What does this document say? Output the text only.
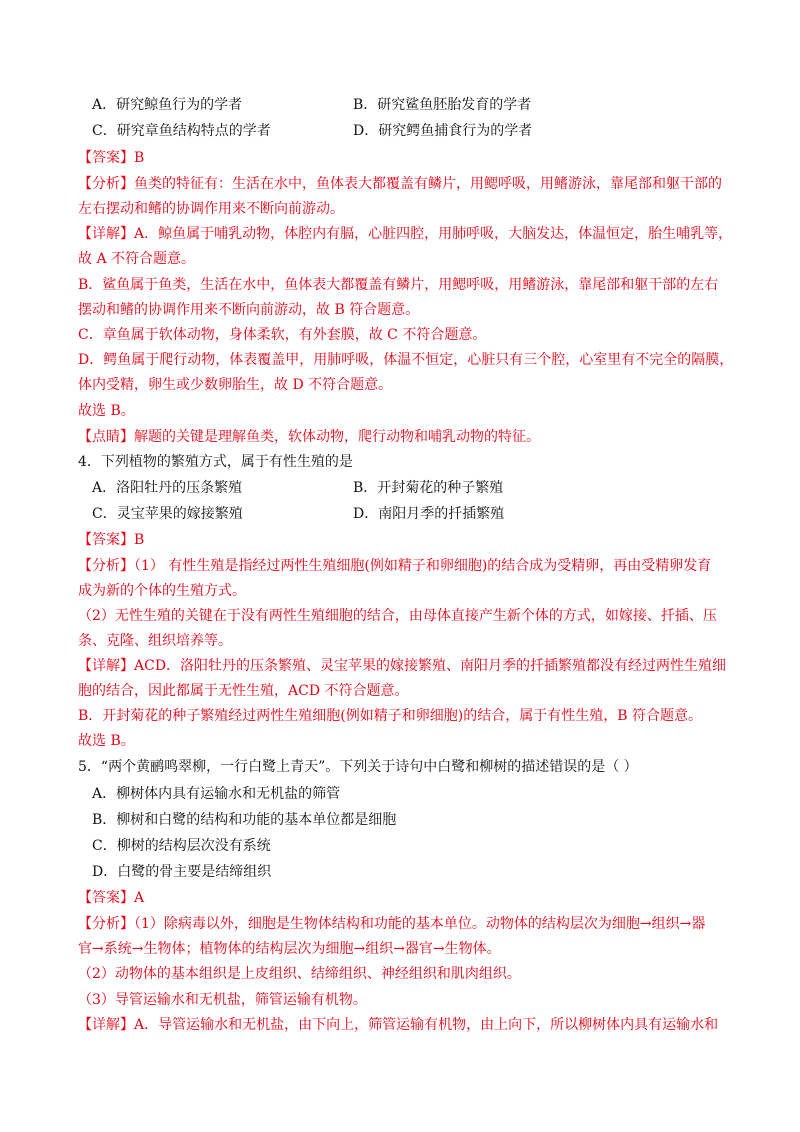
A．研究鲸鱼行为的学者	B．研究鲨鱼胚胎发育的学者
C．研究章鱼结构特点的学者	D．研究鳄鱼捕食行为的学者
【答案】B
【分析】鱼类的特征有：生活在水中，鱼体表大都覆盖有鳞片，用鳃呼吸，用鳍游泳，靠尾部和躯干部的
左右摆动和鳍的协调作用来不断向前游动。
【详解】A．鲸鱼属于哺乳动物，体腔内有膈，心脏四腔，用肺呼吸，大脑发达，体温恒定，胎生哺乳等，
故 A 不符合题意。
B．鲨鱼属于鱼类，生活在水中，鱼体表大都覆盖有鳞片，用鳃呼吸，用鳍游泳，靠尾部和躯干部的左右
摆动和鳍的协调作用来不断向前游动，故 B 符合题意。
C．章鱼属于软体动物，身体柔软，有外套膜，故 C 不符合题意。
D．鳄鱼属于爬行动物，体表覆盖甲，用肺呼吸，体温不恒定，心脏只有三个腔，心室里有不完全的隔膜，
体内受精，卵生或少数卵胎生，故 D 不符合题意。
故选 B。
【点睛】解题的关键是理解鱼类，软体动物，爬行动物和哺乳动物的特征。
4．下列植物的繁殖方式，属于有性生殖的是
A．洛阳牡丹的压条繁殖	B．开封菊花的种子繁殖
C．灵宝苹果的嫁接繁殖	D．南阳月季的扦插繁殖
【答案】B
【分析】（1） 有性生殖是指经过两性生殖细胞(例如精子和卵细胞)的结合成为受精卵，再由受精卵发育
成为新的个体的生殖方式。
（2）无性生殖的关键在于没有两性生殖细胞的结合，由母体直接产生新个体的方式，如嫁接、扦插、压
条、克隆、组织培养等。
【详解】ACD．洛阳牡丹的压条繁殖、灵宝苹果的嫁接繁殖、南阳月季的扦插繁殖都没有经过两性生殖细
胞的结合，因此都属于无性生殖，ACD 不符合题意。
B．开封菊花的种子繁殖经过两性生殖细胞(例如精子和卵细胞)的结合，属于有性生殖，B 符合题意。
故选 B。
5．“两个黄鹂鸣翠柳，一行白鹭上青天”。下列关于诗句中白鹭和柳树的描述错误的是（ ）
A．柳树体内具有运输水和无机盐的筛管
B．柳树和白鹭的结构和功能的基本单位都是细胞
C．柳树的结构层次没有系统
D．白鹭的骨主要是结缔组织
【答案】A
【分析】（1）除病毒以外，细胞是生物体结构和功能的基本单位。动物体的结构层次为细胞→组织→器
官→系统→生物体；植物体的结构层次为细胞→组织→器官→生物体。
（2）动物体的基本组织是上皮组织、结缔组织、神经组织和肌肉组织。
（3）导管运输水和无机盐，筛管运输有机物。
【详解】A．导管运输水和无机盐，由下向上，筛管运输有机物，由上向下，所以柳树体内具有运输水和
